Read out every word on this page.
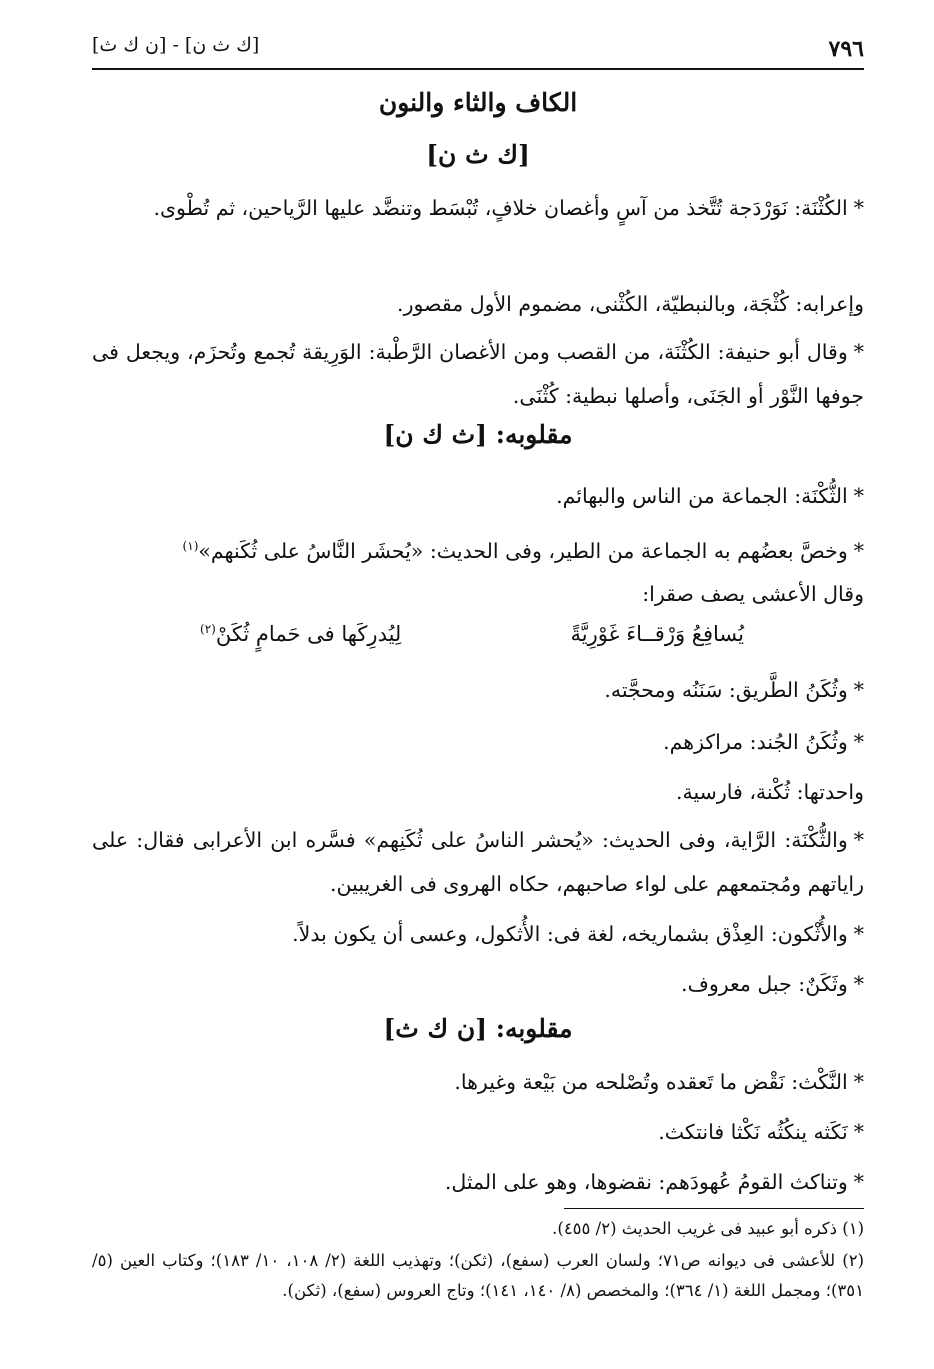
٧٩٦
[ك ث ن] - [ن ك ث]
الكاف والثاء والنون
[ك ث ن]
*الكُثْنَة: نَوَرْدَجة تُتَّخذ من آسٍ وأغصان خلافٍ، تُبْسَط وتنضَّد عليها الرَّياحين، ثم تُطْوى.
وإعرابه: كُثْجَة، وبالنبطيّة، الكُثْنى، مضموم الأول مقصور.
*وقال أبو حنيفة: الكُثْنَة، من القصب ومن الأغصان الرَّطْبة: الوَرِيقة تُجمع وتُحزَم، ويجعل فى جوفها النَّوْر أو الجَنَى، وأصلها نبطية: كُثْنَى.
مقلوبه: [ث ك ن]
*الثُّكْنَة: الجماعة من الناس والبهائم.
*وخصَّ بعضُهم به الجماعة من الطير، وفى الحديث: «يُحشَر النَّاسُ على ثُكَنهم»$^{(١)}$
وقال الأعشى يصف صقرا:
يُسافِعُ وَرْقــاءَ غَوْرِيَّةً
لِيُدرِكَها فى حَمامٍ ثُكَنْ$^{(٢)}$
*وثُكَنُ الطَّريق: سَنَنُه ومحجَّته.
*وثُكَنُ الجُند: مراكزهم.
واحدتها: ثُكْنة، فارسية.
*والثُّكْنَة: الرَّاية، وفى الحديث: «يُحشر الناسُ على ثُكَنِهم» فسَّره ابن الأعرابى فقال: على راياتهم ومُجتمعهم على لواء صاحبهم، حكاه الهروى فى الغريبين.
*والأُثْكون: العِذْق بشماريخه، لغة فى: الأُثكول، وعسى أن يكون بدلاً.
*وثَكَنٌ: جبل معروف.
مقلوبه: [ن ك ث]
*النَّكْث: نَقْض ما تَعقده وتُصْلحه من بَيْعة وغيرها.
*نَكَثه ينكُثُه نَكْثا فانتكث.
*وتناكث القومُ عُهودَهم: نقضوها، وهو على المثل.
(١) ذكره أبو عبيد فى غريب الحديث (٢/ ٤٥٥).
(٢) للأعشى فى ديوانه ص٧١؛ ولسان العرب (سفع)، (ثكن)؛ وتهذيب اللغة (٢/ ١٠٨، ١٠/ ١٨٣)؛ وكتاب العين (٥/ ٣٥١)؛ ومجمل اللغة (١/ ٣٦٤)؛ والمخصص (٨/ ١٤٠، ١٤١)؛ وتاج العروس (سفع)، (ثكن).
